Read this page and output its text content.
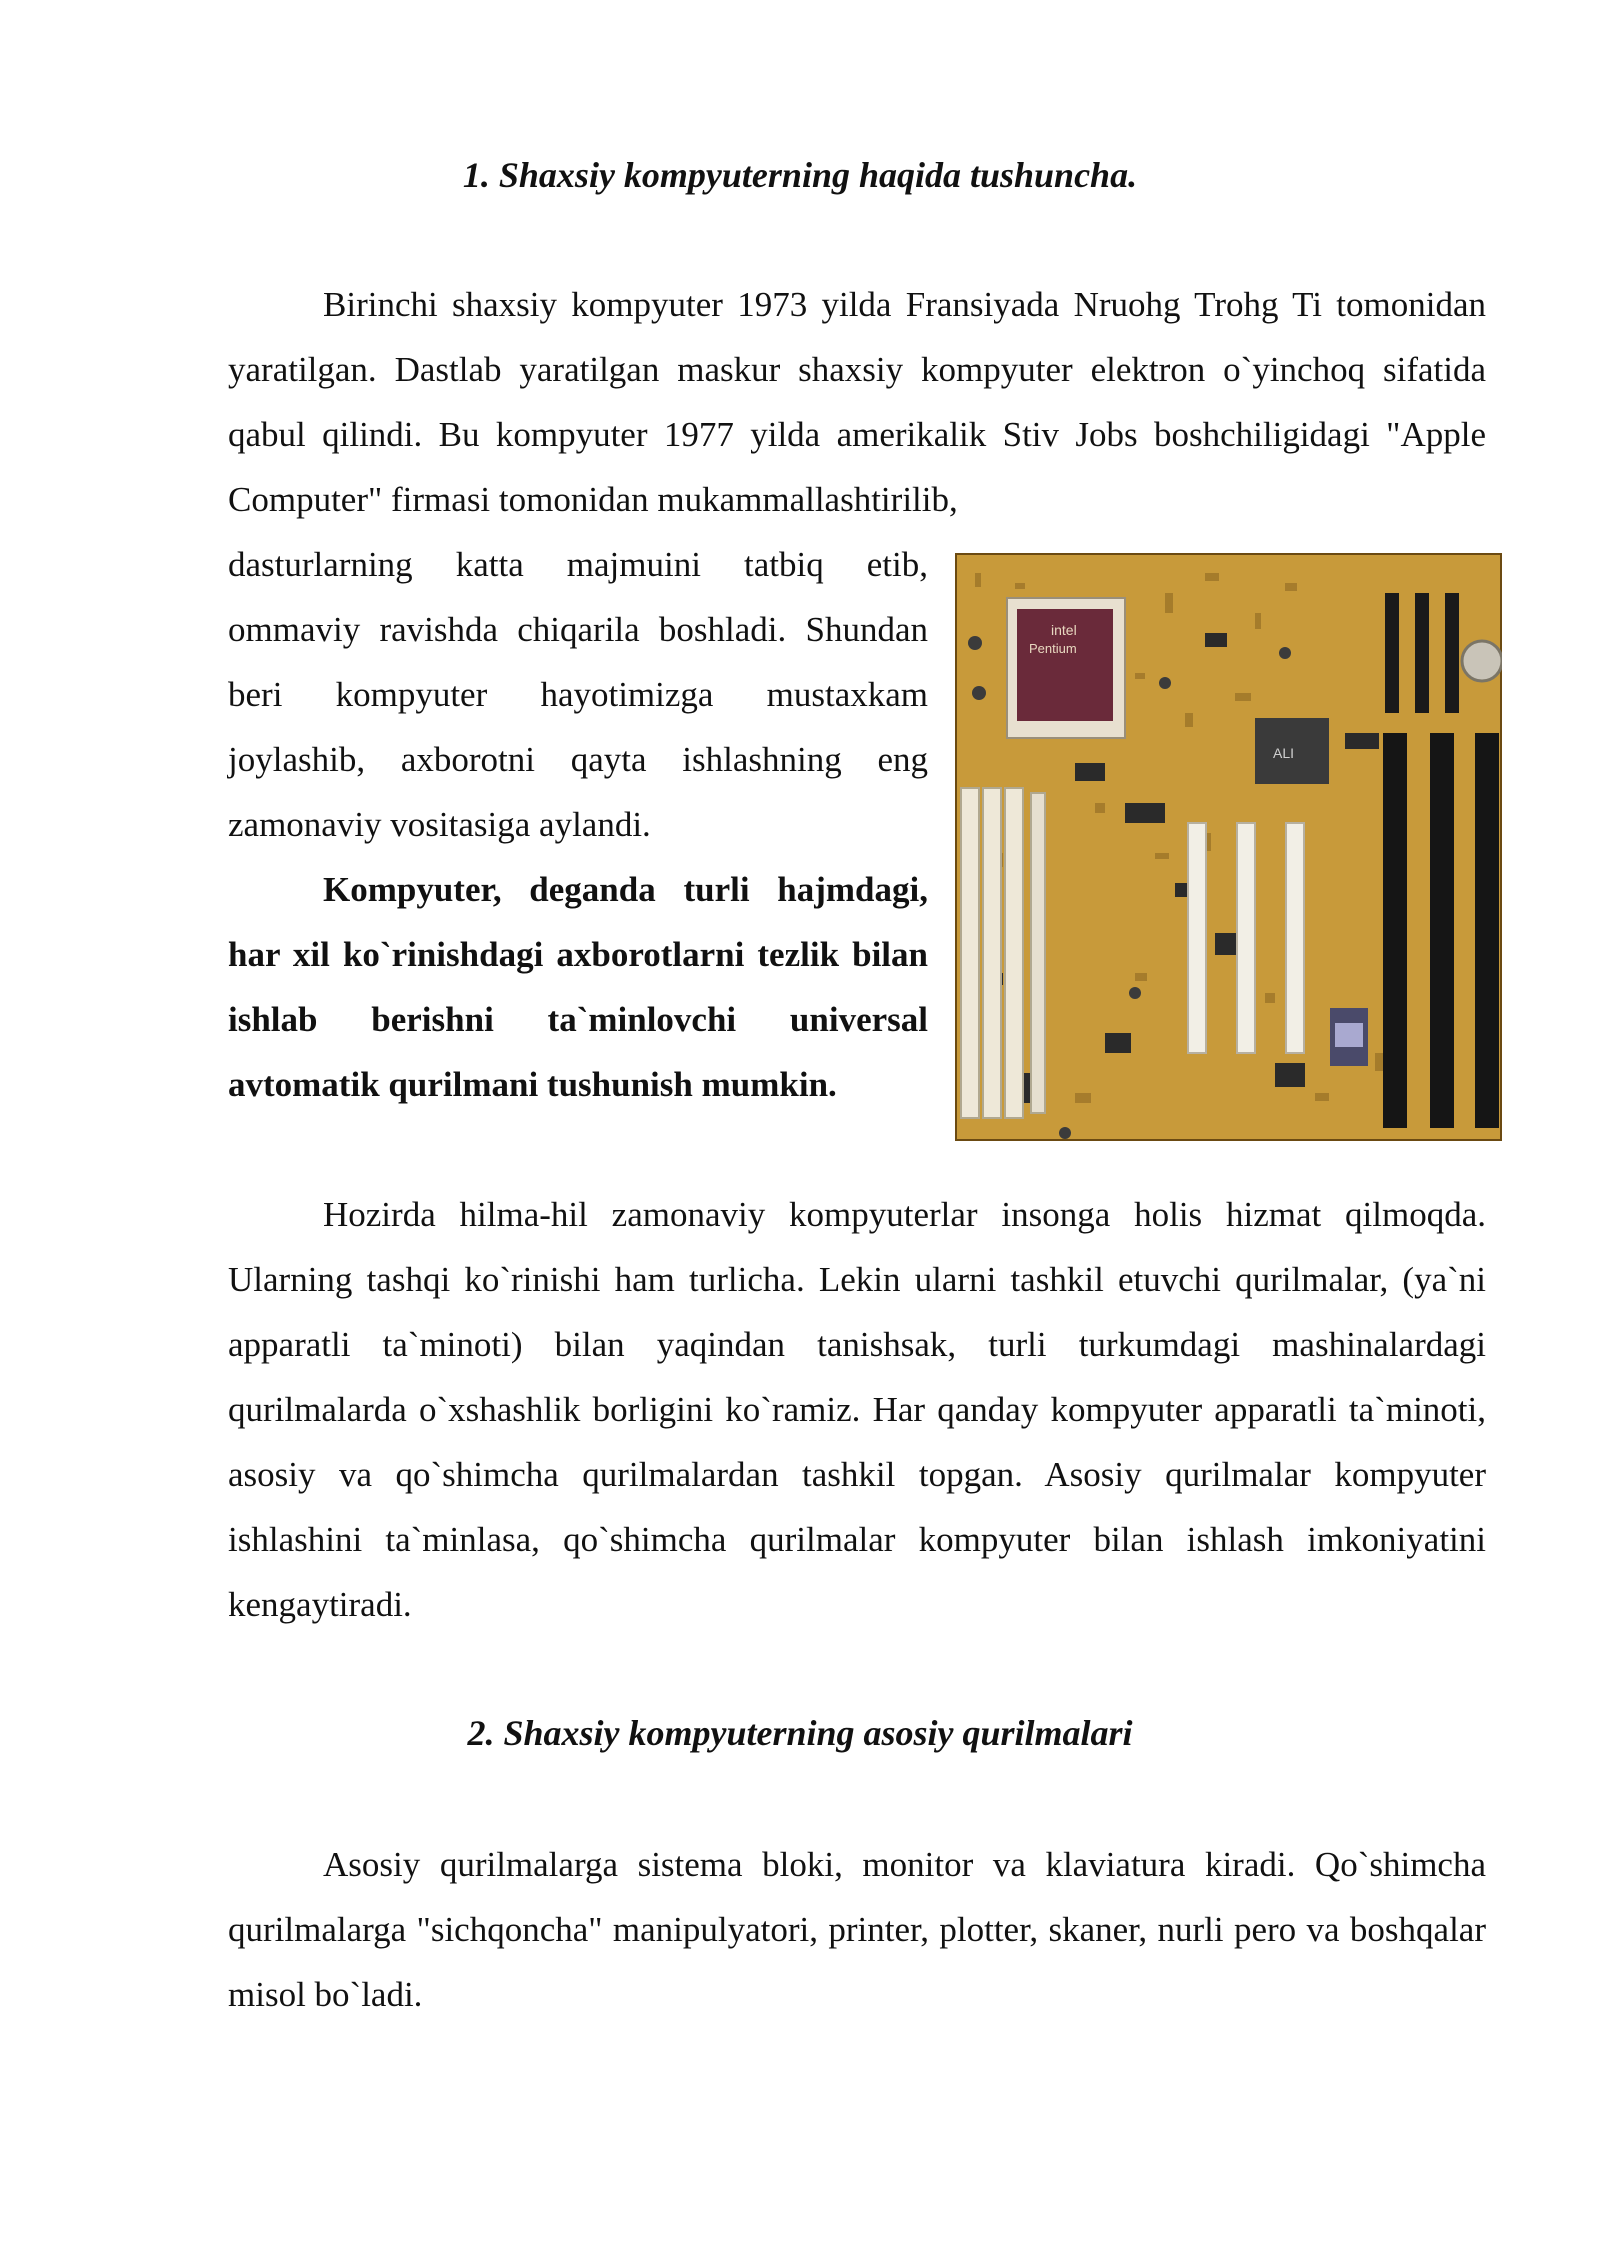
1. Shaxsiy kompyuterning haqida tushuncha.

Birinchi shaxsiy kompyuter 1973 yilda Fransiyada Nruohg Trohg Ti tomonidan yaratilgan. Dastlab yaratilgan maskur shaxsiy kompyuter elektron o`yinchoq sifatida qabul qilindi. Bu kompyuter 1977 yilda amerikalik Stiv Jobs boshchiligidagi "Apple Computer" firmasi tomonidan mukammallashtirilib,

dasturlarning katta majmuini tatbiq etib, ommaviy ravishda chiqarila boshladi. Shundan beri kompyuter hayotimizga mustaxkam joylashib, axborotni qayta ishlashning eng zamonaviy vositasiga aylandi.

Kompyuter, deganda turli hajmdagi, har xil ko`rinishdagi axborotlarni tezlik bilan ishlab berishni ta`minlovchi universal avtomatik qurilmani tushunish mumkin.

intel
Pentium
ALI

Hozirda hilma-hil zamonaviy kompyuterlar insonga holis hizmat qilmoqda. Ularning tashqi ko`rinishi ham turlicha. Lekin ularni tashkil etuvchi qurilmalar, (ya`ni apparatli ta`minoti) bilan yaqindan tanishsak, turli turkumdagi mashinalardagi qurilmalarda o`xshashlik borligini ko`ramiz. Har qanday kompyuter apparatli ta`minoti, asosiy va qo`shimcha qurilmalardan tashkil topgan. Asosiy qurilmalar kompyuter ishlashini ta`minlasa, qo`shimcha qurilmalar kompyuter bilan ishlash imkoniyatini kengaytiradi.

2. Shaxsiy kompyuterning asosiy qurilmalari

Asosiy qurilmalarga sistema bloki, monitor va klaviatura kiradi. Qo`shimcha qurilmalarga "sichqoncha" manipulyatori, printer, plotter, skaner, nurli pero va boshqalar misol bo`ladi.
